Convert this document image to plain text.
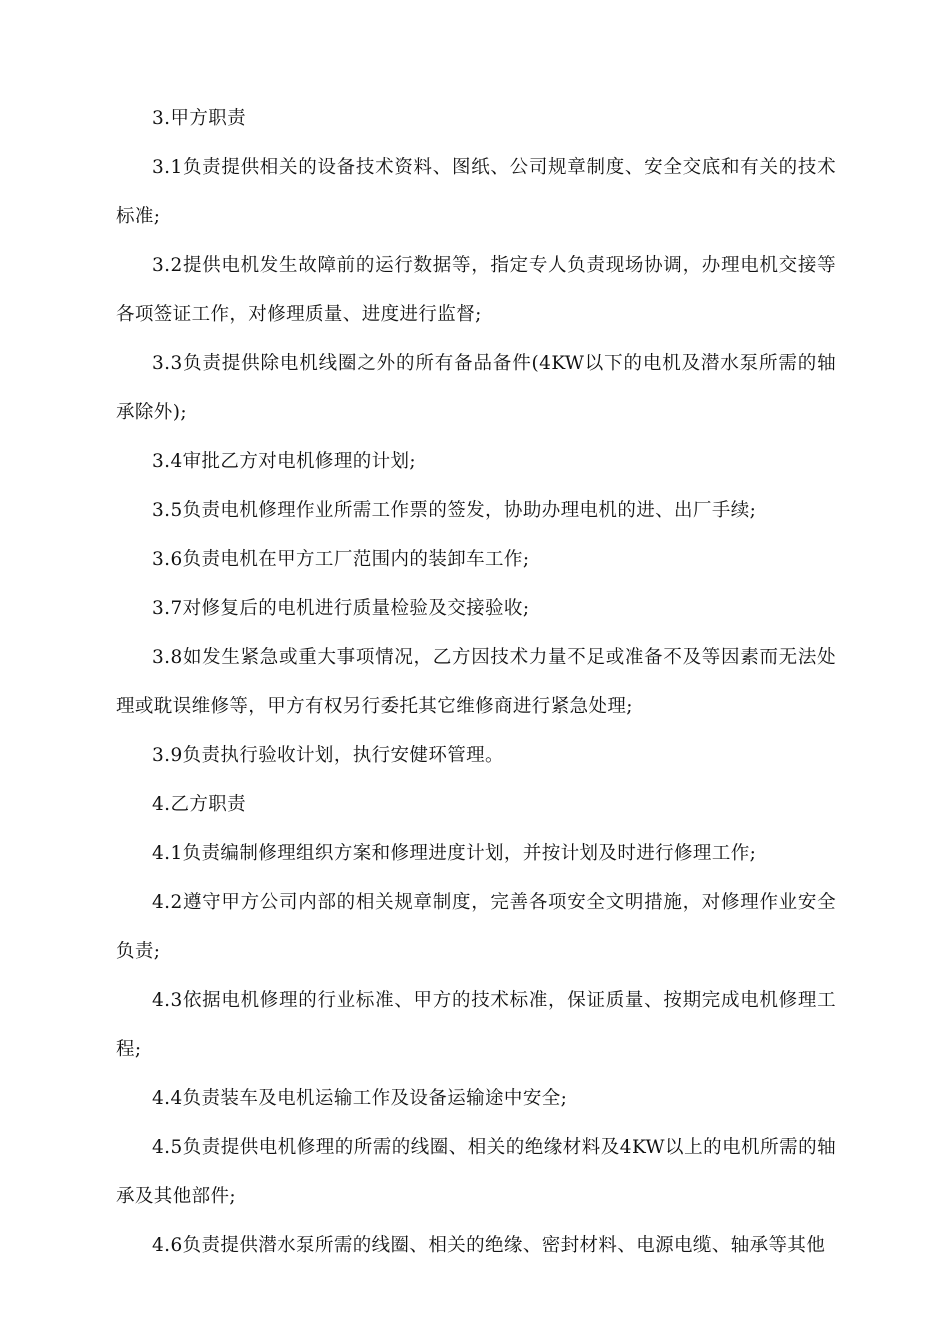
3.甲方职责

3.1负责提供相关的设备技术资料、图纸、公司规章制度、安全交底和有关的技术标准;

3.2提供电机发生故障前的运行数据等，指定专人负责现场协调，办理电机交接等各项签证工作，对修理质量、进度进行监督;

3.3负责提供除电机线圈之外的所有备品备件(4KW以下的电机及潜水泵所需的轴承除外);

3.4审批乙方对电机修理的计划;

3.5负责电机修理作业所需工作票的签发，协助办理电机的进、出厂手续;

3.6负责电机在甲方工厂范围内的装卸车工作;

3.7对修复后的电机进行质量检验及交接验收;

3.8如发生紧急或重大事项情况，乙方因技术力量不足或准备不及等因素而无法处理或耽误维修等，甲方有权另行委托其它维修商进行紧急处理;

3.9负责执行验收计划，执行安健环管理。

4.乙方职责

4.1负责编制修理组织方案和修理进度计划，并按计划及时进行修理工作;

4.2遵守甲方公司内部的相关规章制度，完善各项安全文明措施，对修理作业安全负责;

4.3依据电机修理的行业标准、甲方的技术标准，保证质量、按期完成电机修理工程;

4.4负责装车及电机运输工作及设备运输途中安全;

4.5负责提供电机修理的所需的线圈、相关的绝缘材料及4KW以上的电机所需的轴承及其他部件;

4.6负责提供潜水泵所需的线圈、相关的绝缘、密封材料、电源电缆、轴承等其他
